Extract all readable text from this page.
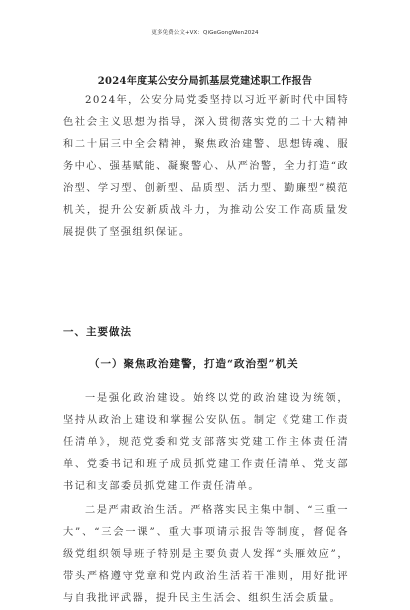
更多免费公文+VX：QiGeGongWen2024
2024年度某公安分局抓基层党建述职工作报告

2024年，公安分局党委坚持以习近平新时代中国特色社会主义思想为指导，深入贯彻落实党的二十大精神和二十届三中全会精神，聚焦政治建警、思想铸魂、服务中心、强基赋能、凝聚警心、从严治警，全力打造“政治型、学习型、创新型、品质型、活力型、勤廉型”模范机关，提升公安新质战斗力，为推动公安工作高质量发展提供了坚强组织保证。

一、主要做法
（一）聚焦政治建警，打造“政治型”机关

一是强化政治建设。始终以党的政治建设为统领，坚持从政治上建设和掌握公安队伍。制定《党建工作责任清单》，规范党委和党支部落实党建工作主体责任清单、党委书记和班子成员抓党建工作责任清单、党支部书记和支部委员抓党建工作责任清单。

二是严肃政治生活。严格落实民主集中制、“三重一大”、“三会一课”、重大事项请示报告等制度，督促各级党组织领导班子特别是主要负责人发挥“头雁效应”，带头严格遵守党章和党内政治生活若干准则，用好批评与自我批评武器，提升民主生活会、组织生活会质量。
